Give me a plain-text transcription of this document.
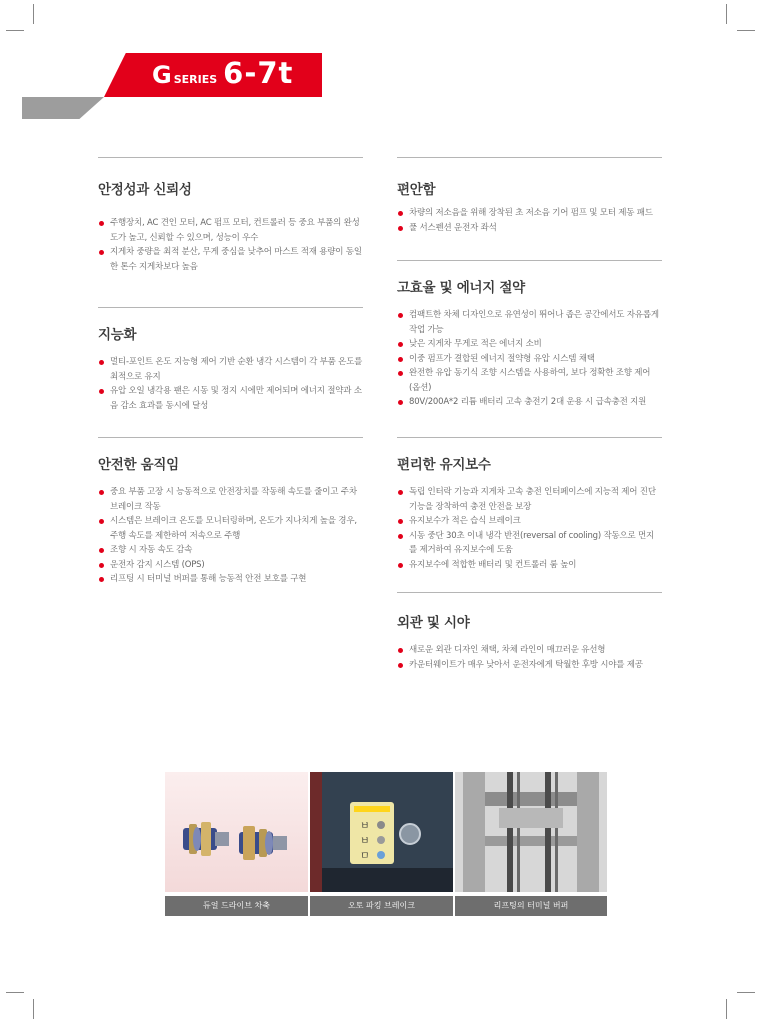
GSERIES 6-7t
안정성과 신뢰성
주행장치, AC 견인 모터, AC 펌프 모터, 컨트롤러 등 중요 부품의 완성도가 높고, 신뢰할 수 있으며, 성능이 우수
지게차 중량을 최적 분산, 무게 중심을 낮추어 마스트 적재 용량이 동일한 톤수 지게차보다 높음
지능화
멀티-포인트 온도 지능형 제어 기반 순환 냉각 시스템이 각 부품 온도를 최적으로 유지
유압 오일 냉각용 팬은 시동 및 정지 시에만 제어되며 에너지 절약과 소음 감소 효과를 동시에 달성
안전한 움직임
중요 부품 고장 시 능동적으로 안전장치를 작동해 속도를 줄이고 주차 브레이크 작동
시스템은 브레이크 온도를 모니터링하며, 온도가 지나치게 높을 경우, 주행 속도를 제한하여 저속으로 주행
조향 시 자동 속도 감속
운전자 감지 시스템 (OPS)
리프팅 시 터미널 버퍼를 통해 능동적 안전 보호를 구현
편안함
차량의 저소음을 위해 장착된 초 저소음 기어 펌프 및 모터 제동 패드
풀 서스펜션 운전자 좌석
고효율 및 에너지 절약
컴팩트한 차체 디자인으로 유연성이 뛰어나 좁은 공간에서도 자유롭게 작업 가능
낮은 지게차 무게로 적은 에너지 소비
이중 펌프가 결합된 에너지 절약형 유압 시스템 채택
완전한 유압 동기식 조향 시스템을 사용하여, 보다 정확한 조향 제어 (옵션)
80V/200A*2 리튬 배터리 고속 충전기 2대 운용 시 급속충전 지원
편리한 유지보수
독립 인터락 기능과 지게차 고속 충전 인터페이스에 지능적 제어 진단 기능을 장착하여 충전 안전을 보장
유지보수가 적은 습식 브레이크
시동 중단 30초 이내 냉각 반전(reversal of cooling) 작동으로 먼지를 제거하여 유지보수에 도움
유지보수에 적합한 배터리 및 컨트롤러 룸 높이
외관 및 시야
새로운 외관 디자인 채택, 차체 라인이 매끄러운 유선형
카운터웨이트가 매우 낮아서 운전자에게 탁월한 후방 시야를 제공
듀얼 드라이브 차축
ㅂ
ㅂ
ㅁ
오토 파킹 브레이크	리프팅의 터미널 버퍼
